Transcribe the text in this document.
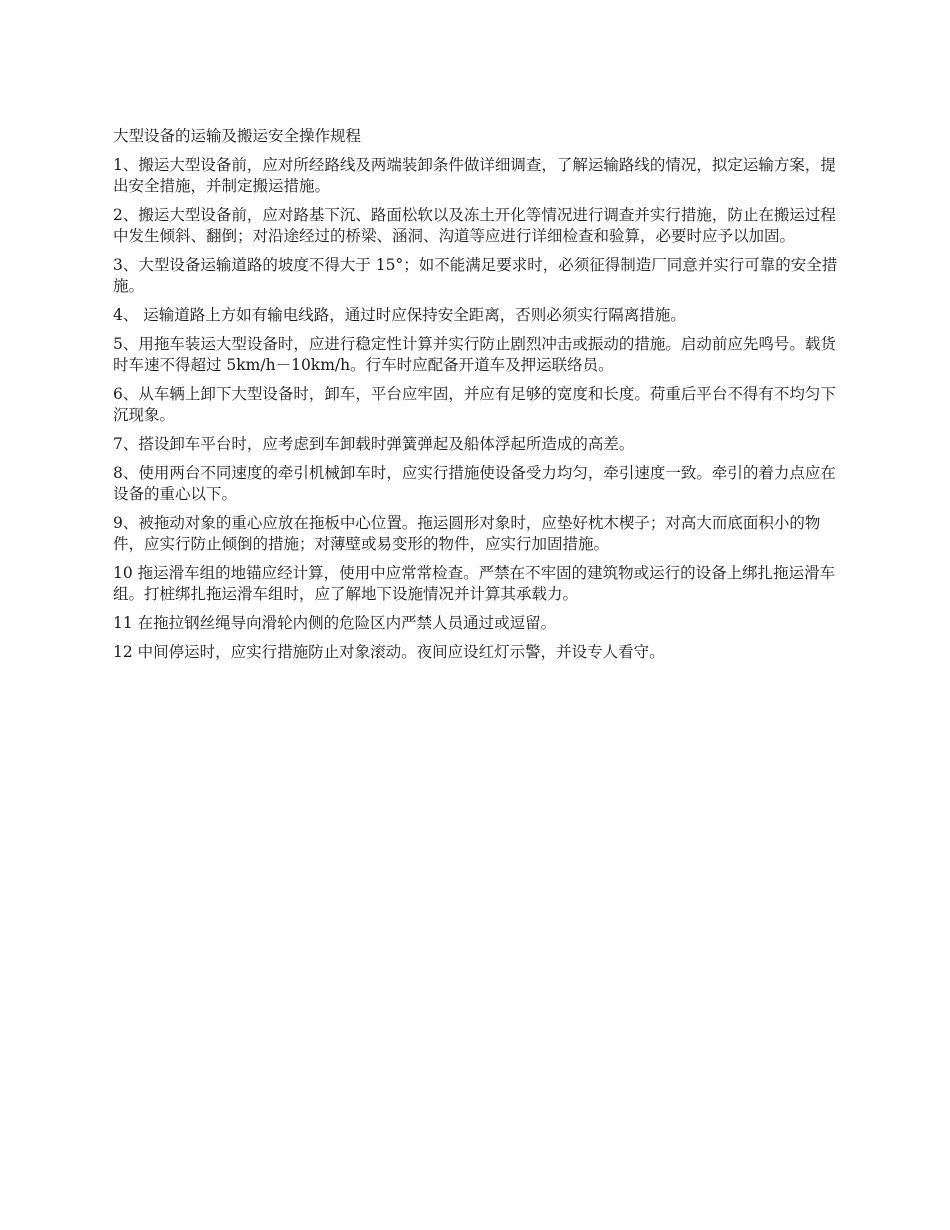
大型设备的运输及搬运安全操作规程

1、搬运大型设备前，应对所经路线及两端装卸条件做详细调查，了解运输路线的情况，拟定运输方案，提出安全措施，并制定搬运措施。

2、搬运大型设备前，应对路基下沉、路面松软以及冻土开化等情况进行调查并实行措施，防止在搬运过程中发生倾斜、翻倒；对沿途经过的桥梁、涵洞、沟道等应进行详细检查和验算，必要时应予以加固。

3、大型设备运输道路的坡度不得大于 15°；如不能满足要求时，必须征得制造厂同意并实行可靠的安全措施。

4、 运输道路上方如有输电线路，通过时应保持安全距离，否则必须实行隔离措施。

5、用拖车装运大型设备时，应进行稳定性计算并实行防止剧烈冲击或振动的措施。启动前应先鸣号。载货时车速不得超过 5km/h－10km/h。行车时应配备开道车及押运联络员。

6、从车辆上卸下大型设备时，卸车，平台应牢固，并应有足够的宽度和长度。荷重后平台不得有不均匀下沉现象。

7、搭设卸车平台时，应考虑到车卸载时弹簧弹起及船体浮起所造成的高差。

8、使用两台不同速度的牵引机械卸车时，应实行措施使设备受力均匀，牵引速度一致。牵引的着力点应在设备的重心以下。

9、被拖动对象的重心应放在拖板中心位置。拖运圆形对象时，应垫好枕木楔子；对高大而底面积小的物件，应实行防止倾倒的措施；对薄壁或易变形的物件，应实行加固措施。

10 拖运滑车组的地锚应经计算，使用中应常常检查。严禁在不牢固的建筑物或运行的设备上绑扎拖运滑车组。打桩绑扎拖运滑车组时，应了解地下设施情况并计算其承载力。

11 在拖拉钢丝绳导向滑轮内侧的危险区内严禁人员通过或逗留。

12 中间停运时，应实行措施防止对象滚动。夜间应设红灯示警，并设专人看守。
